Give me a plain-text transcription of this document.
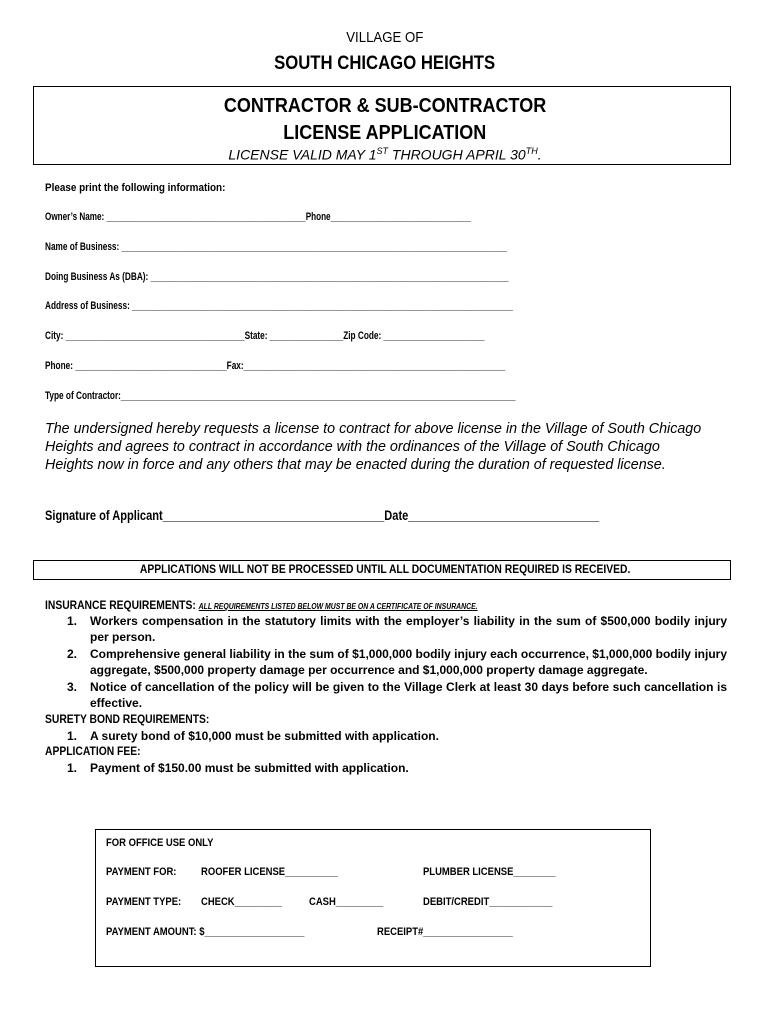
VILLAGE OF
SOUTH CHICAGO HEIGHTS
CONTRACTOR & SUB-CONTRACTOR
LICENSE APPLICATION
LICENSE VALID MAY 1ST THROUGH APRIL 30TH.
Please print the following information:
Owner’s Name: ____________________________________________Phone_______________________________
Name of Business: ____________________________________________________________________________________
Doing Business As (DBA): ______________________________________________________________________________
Address of Business: ___________________________________________________________________________________
City: _______________________________________State: ________________Zip Code: ______________________
Phone: _________________________________Fax:_________________________________________________________
Type of Contractor:______________________________________________________________________________________
The undersigned hereby requests a license to contract for above license in the Village of South Chicago Heights and agrees to contract in accordance with the ordinances of the Village of South Chicago Heights now in force and any others that may be enacted during the duration of requested license.
Signature of Applicant____________________________________Date_______________________________
APPLICATIONS WILL NOT BE PROCESSED UNTIL ALL DOCUMENTATION REQUIRED IS RECEIVED.
INSURANCE REQUIREMENTS: ALL REQUIREMENTS LISTED BELOW MUST BE ON A CERTIFICATE OF INSURANCE.
1. Workers compensation in the statutory limits with the employer’s liability in the sum of $500,000 bodily injury per person.
2. Comprehensive general liability in the sum of $1,000,000 bodily injury each occurrence, $1,000,000 bodily injury aggregate, $500,000 property damage per occurrence and $1,000,000 property damage aggregate.
3. Notice of cancellation of the policy will be given to the Village Clerk at least 30 days before such cancellation is effective.
SURETY BOND REQUIREMENTS:
1. A surety bond of $10,000 must be submitted with application.
APPLICATION FEE:
1. Payment of $150.00 must be submitted with application.
FOR OFFICE USE ONLY
PAYMENT FOR:	ROOFER LICENSE__________	PLUMBER LICENSE________
PAYMENT TYPE:	CHECK_________	CASH_________	DEBIT/CREDIT____________
PAYMENT AMOUNT: $___________________	RECEIPT#_________________
